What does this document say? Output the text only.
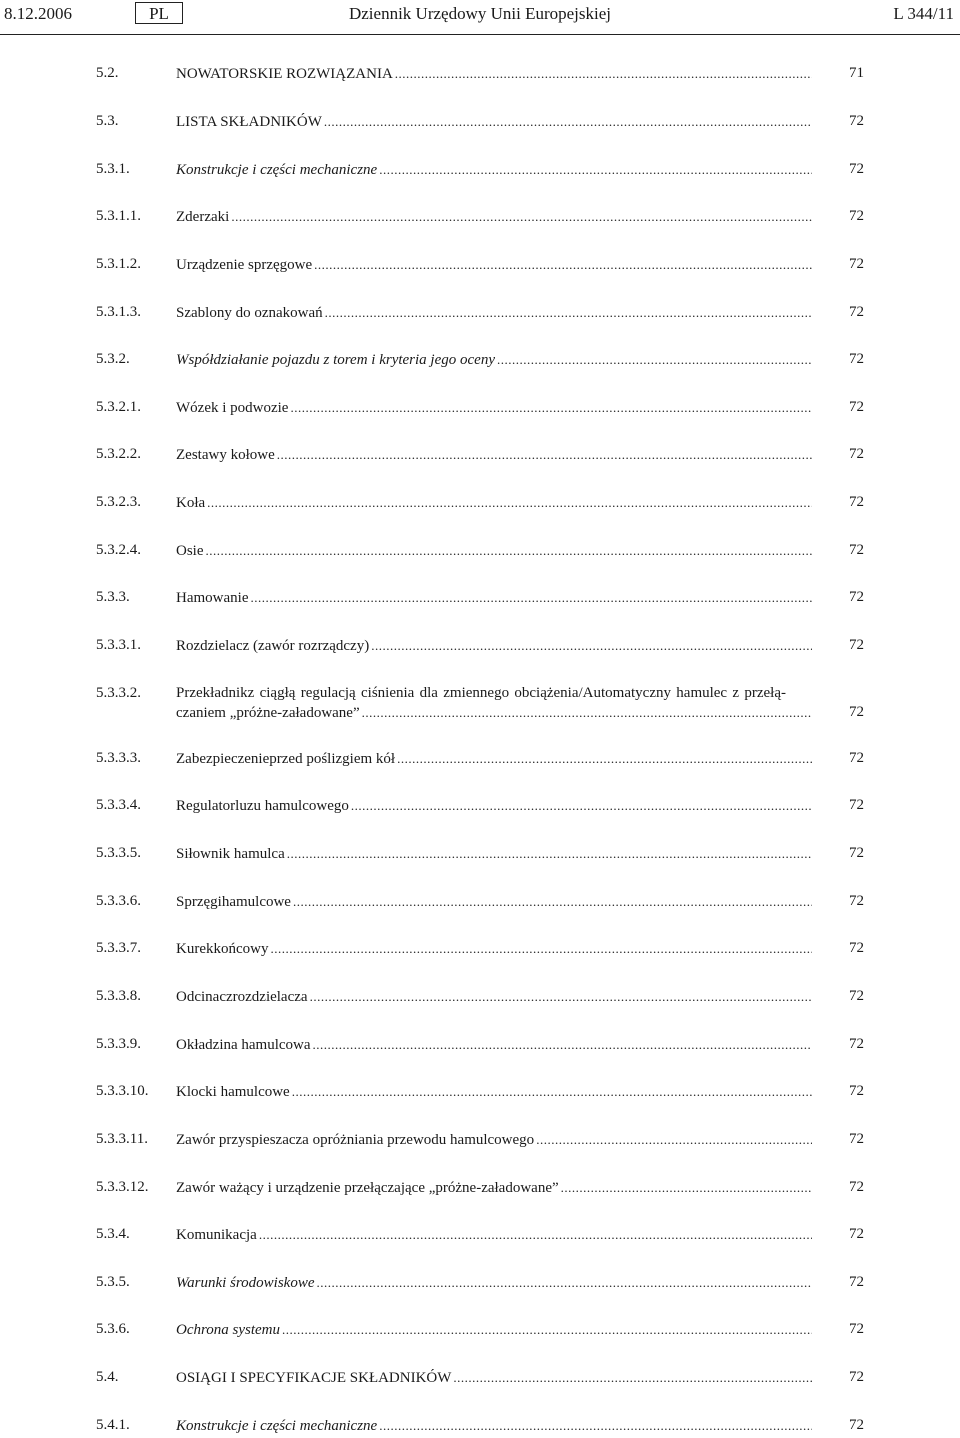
8.12.2006	PL	Dziennik Urzędowy Unii Europejskiej	L 344/11
5.2.	NOWATORSKIE ROZWIĄZANIA .....	71
5.3.	LISTA SKŁADNIKÓW .....	72
5.3.1.	Konstrukcje i części mechaniczne .....	72
5.3.1.1. Zderzaki .....	72
5.3.1.2. Urządzenie sprzęgowe .....	72
5.3.1.3. Szablony do oznakowań .....	72
5.3.2.	Współdziałanie pojazdu z torem i kryteria jego oceny .....	72
5.3.2.1. Wózek i podwozie .....	72
5.3.2.2. Zestawy kołowe .....	72
5.3.2.3. Koła .....	72
5.3.2.4. Osie .....	72
5.3.3.	Hamowanie .....	72
5.3.3.1. Rozdzielacz (zawór rozrządczy) .....	72
5.3.3.2. Przekładnikz ciągłą regulacją ciśnienia dla zmiennego obciążenia/Automatyczny hamulec z przełą-
czaniem „próżne-załadowane” .....	72
5.3.3.3. Zabezpieczenieprzed poślizgiem kół .....	72
5.3.3.4. Regulatorluzu hamulcowego .....	72
5.3.3.5. Siłownik hamulca .....	72
5.3.3.6. Sprzęgihamulcowe .....	72
5.3.3.7. Kurekkońcowy .....	72
5.3.3.8. Odcinaczrozdzielacza .....	72
5.3.3.9. Okładzina hamulcowa .....	72
5.3.3.10. Klocki hamulcowe .....	72
5.3.3.11. Zawór przyspieszacza opróżniania przewodu hamulcowego .....	72
5.3.3.12. Zawór ważący i urządzenie przełączające „próżne-załadowane” .....	72
5.3.4.	Komunikacja .....	72
5.3.5.	Warunki środowiskowe .....	72
5.3.6.	Ochrona systemu .....	72
5.4.	OSIĄGI I SPECYFIKACJE SKŁADNIKÓW .....	72
5.4.1.	Konstrukcje i części mechaniczne .....	72
